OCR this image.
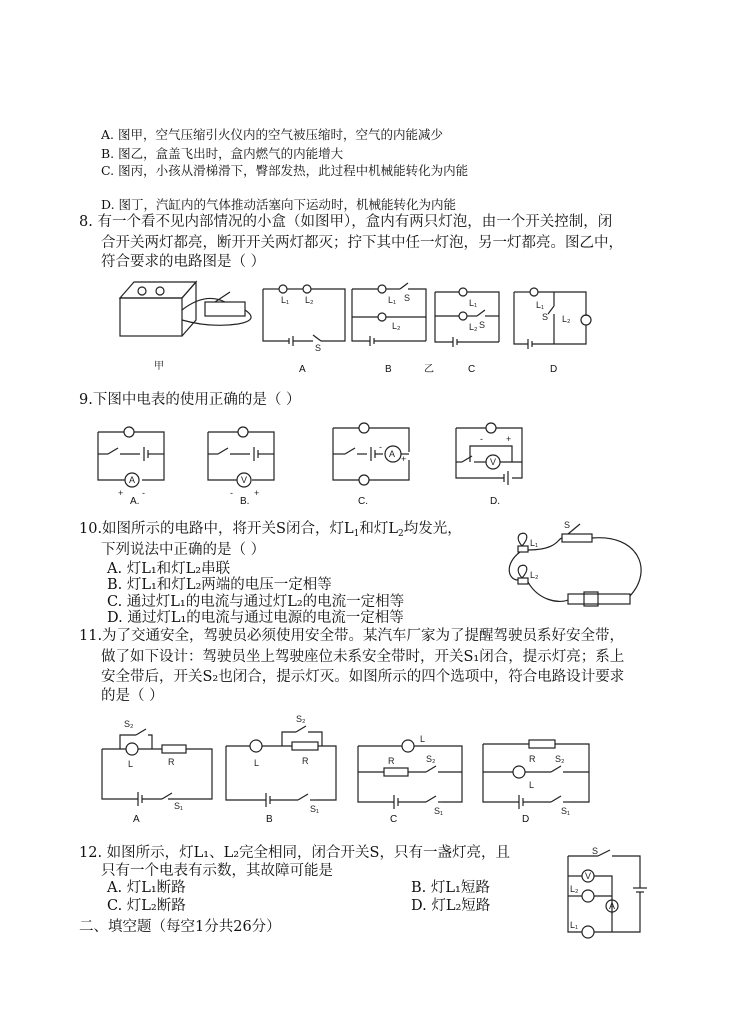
A. 图甲，空气压缩引火仪内的空气被压缩时，空气的内能减少
B. 图乙，盒盖飞出时，盒内燃气的内能增大
C. 图丙，小孩从滑梯滑下，臀部发热，此过程中机械能转化为内能
D. 图丁，汽缸内的气体推动活塞向下运动时，机械能转化为内能
8. 有一个看不见内部情况的小盒（如图甲），盒内有两只灯泡，由一个开关控制，闭
合开关两灯都亮，断开开关两灯都灭；拧下其中任一灯泡，另一灯都亮。图乙中，
符合要求的电路图是（ ）
甲
L₁ L₂
S
A
L₁ S
L₂
B	乙
L₁
L₂ S
C
L₁
S L₂
D
9.下图中电表的使用正确的是（ ）
A
+ -
A.
V
- +
B.
A
-
+
C.
V
-	+
D.
10.如图所示的电路中，将开关S闭合，灯$L_1$和灯$L_2$均发光，
下列说法中正确的是（ ）
A. 灯L₁和灯L₂串联
B. 灯L₁和灯L₂两端的电压一定相等
C. 通过灯L₁的电流与通过灯L₂的电流一定相等
D. 通过灯L₁的电流与通过电源的电流一定相等
S
L₁
L₂
11.为了交通安全，驾驶员必须使用安全带。某汽车厂家为了提醒驾驶员系好安全带，
做了如下设计：驾驶员坐上驾驶座位未系安全带时，开关S₁闭合，提示灯亮；系上
安全带后，开关S₂也闭合，提示灯灭。如图所示的四个选项中，符合电路设计要求
的是（ ）
S₂
L	R
S₁
A
S₂
L	R
S₁
B
L
R	S₂
S₁
C
R S₂
L
S₁
D
12. 如图所示，灯L₁、L₂完全相同，闭合开关S，只有一盏灯亮，且
只有一个电表有示数，其故障可能是
A. 灯L₁断路	B. 灯L₁短路
C. 灯L₂断路	D. 灯L₂短路
V
A
S
L₂
L₁
二、填空题（每空1分共26分）
